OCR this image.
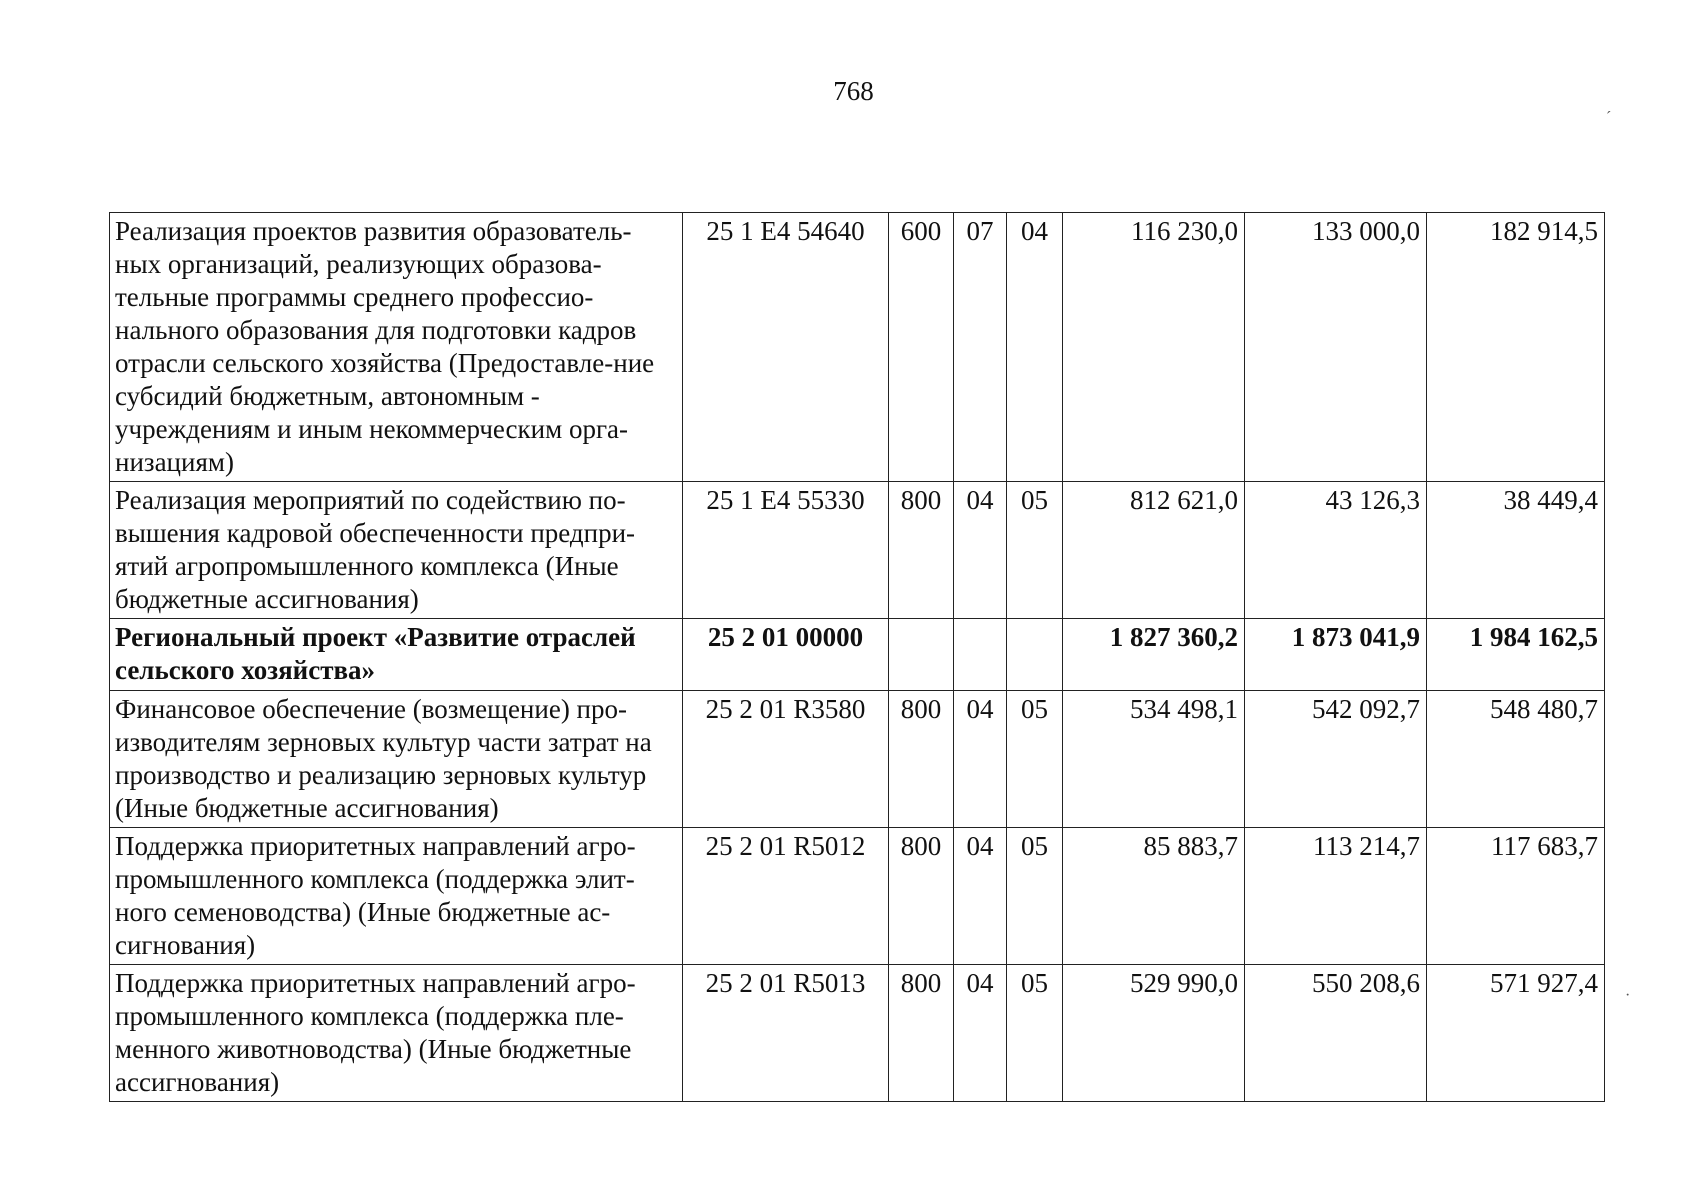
768
´
·
Реализация проектов развития образователь-ных организаций, реализующих образова-тельные программы среднего профессио-нального образования для подготовки кадров отрасли сельского хозяйства (Предоставле-ние субсидий бюджетным, автономным - учреждениям и иным некоммерческим орга-низациям)	25 1 E4 54640	600	07	04	116 230,0	133 000,0	182 914,5
Реализация мероприятий по содействию по-вышения кадровой обеспеченности предпри-ятий агропромышленного комплекса (Иные бюджетные ассигнования)	25 1 E4 55330	800	04	05	812 621,0	43 126,3	38 449,4
Региональный проект «Развитие отраслей сельского хозяйства»	25 2 01 00000				1 827 360,2	1 873 041,9	1 984 162,5
Финансовое обеспечение (возмещение) про-изводителям зерновых культур части затрат на производство и реализацию зерновых культур (Иные бюджетные ассигнования)	25 2 01 R3580	800	04	05	534 498,1	542 092,7	548 480,7
Поддержка приоритетных направлений агро-промышленного комплекса (поддержка элит-ного семеноводства) (Иные бюджетные ас-сигнования)	25 2 01 R5012	800	04	05	85 883,7	113 214,7	117 683,7
Поддержка приоритетных направлений агро-промышленного комплекса (поддержка пле-менного животноводства) (Иные бюджетные ассигнования)	25 2 01 R5013	800	04	05	529 990,0	550 208,6	571 927,4
